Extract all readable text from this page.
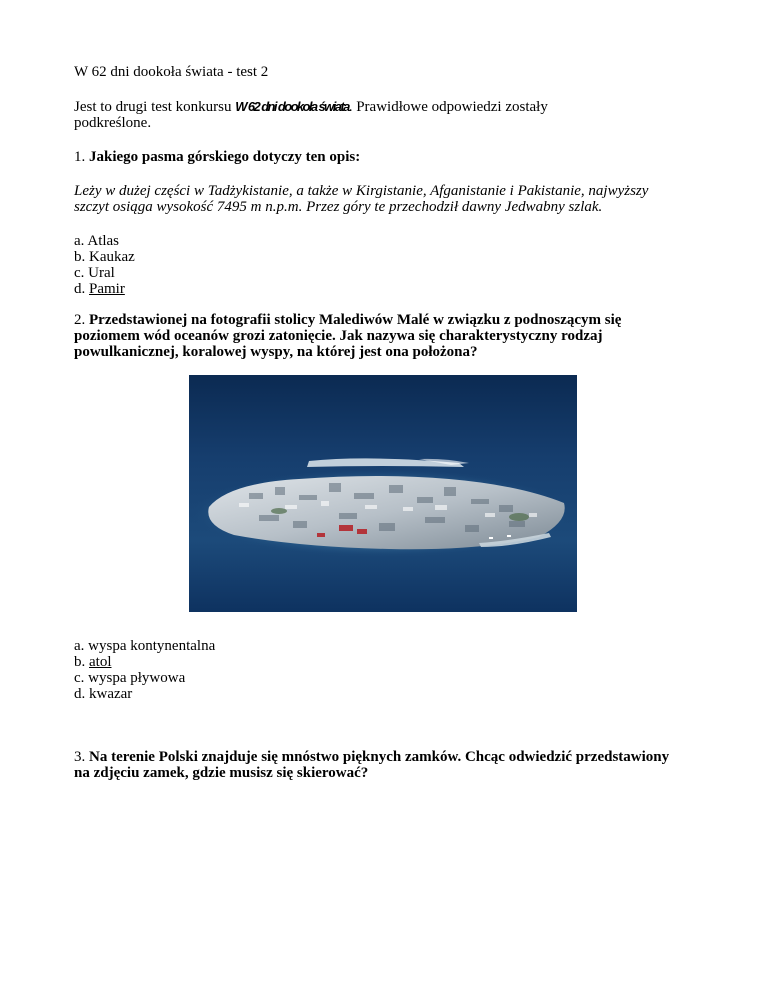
W 62 dni dookoła świata - test 2
Jest to drugi test konkursu W 62 dni dookoła świata. Prawidłowe odpowiedzi zostały
podkreślone.
1. Jakiego pasma górskiego dotyczy ten opis:
Leży w dużej części w Tadżykistanie, a także w Kirgistanie, Afganistanie i Pakistanie, najwyższy
szczyt osiąga wysokość 7495 m n.p.m. Przez góry te przechodził dawny Jedwabny szlak.
a. Atlas
b. Kaukaz
c. Ural
d. Pamir
2. Przedstawionej na fotografii stolicy Malediwów Malé w związku z podnoszącym się
poziomem wód oceanów grozi zatonięcie. Jak nazywa się charakterystyczny rodzaj
powulkanicznej, koralowej wyspy, na której jest ona położona?
a. wyspa kontynentalna
b. atol
c. wyspa pływowa
d. kwazar
3. Na terenie Polski znajduje się mnóstwo pięknych zamków. Chcąc odwiedzić przedstawiony
na zdjęciu zamek, gdzie musisz się skierować?
